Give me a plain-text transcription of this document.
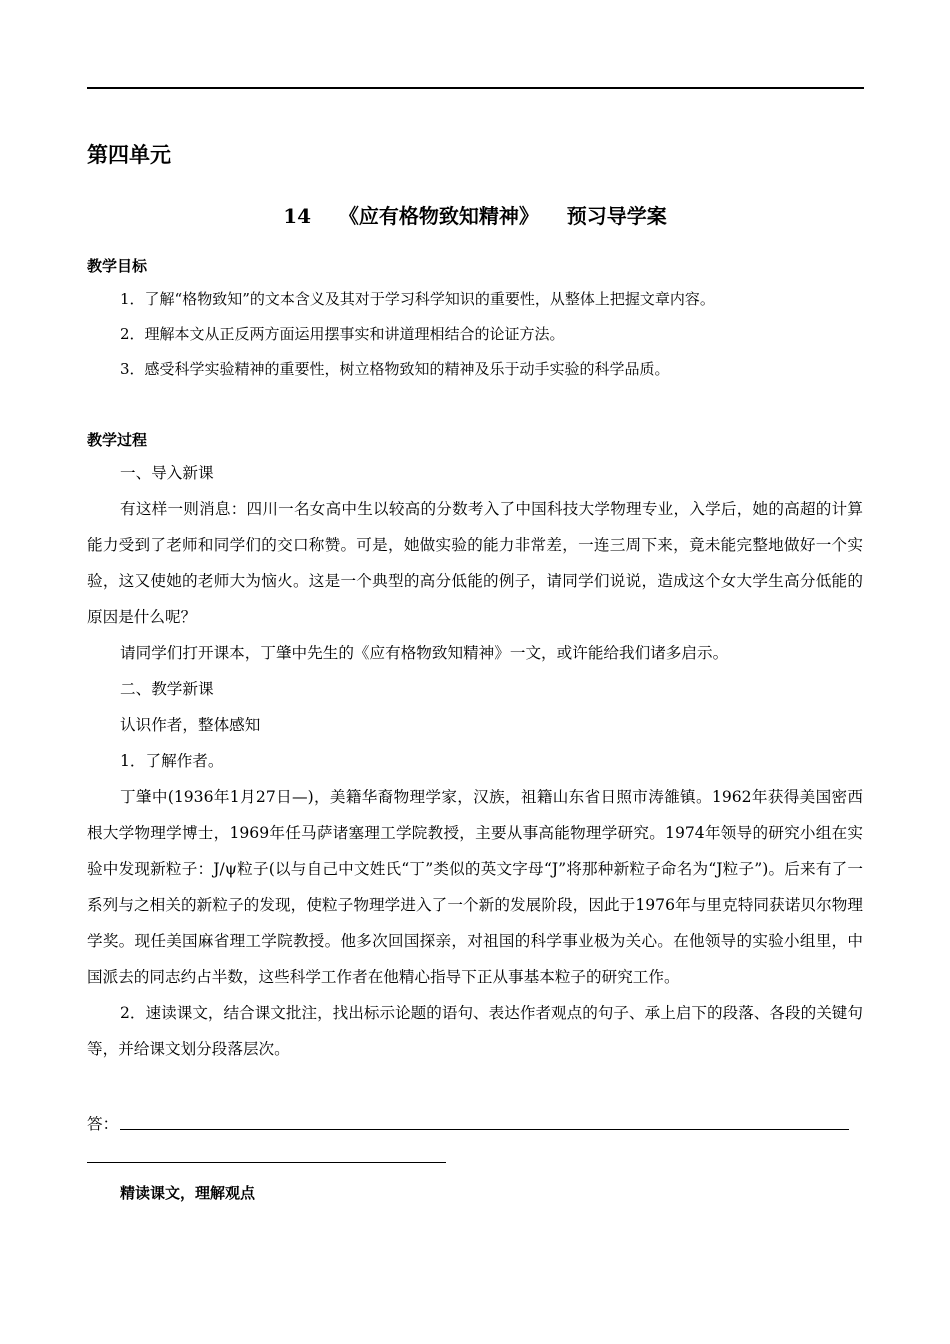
第四单元
14 《应有格物致知精神》 预习导学案
教学目标
1．了解“格物致知”的文本含义及其对于学习科学知识的重要性，从整体上把握文章内容。
2．理解本文从正反两方面运用摆事实和讲道理相结合的论证方法。
3．感受科学实验精神的重要性，树立格物致知的精神及乐于动手实验的科学品质。
教学过程

一、导入新课

有这样一则消息：四川一名女高中生以较高的分数考入了中国科技大学物理专业，入学后，她的高超的计算能力受到了老师和同学们的交口称赞。可是，她做实验的能力非常差，一连三周下来，竟未能完整地做好一个实验，这又使她的老师大为恼火。这是一个典型的高分低能的例子，请同学们说说，造成这个女大学生高分低能的原因是什么呢？

请同学们打开课本，丁肇中先生的《应有格物致知精神》一文，或许能给我们诸多启示。

二、教学新课

认识作者，整体感知

1．了解作者。

丁肇中(1936年1月27日—)，美籍华裔物理学家，汉族，祖籍山东省日照市涛雒镇。1962年获得美国密西根大学物理学博士，1969年任马萨诸塞理工学院教授，主要从事高能物理学研究。1974年领导的研究小组在实验中发现新粒子：J/ψ粒子(以与自己中文姓氏“丁”类似的英文字母“J”将那种新粒子命名为“J粒子”)。后来有了一系列与之相关的新粒子的发现，使粒子物理学进入了一个新的发展阶段，因此于1976年与里克特同获诺贝尔物理学奖。现任美国麻省理工学院教授。他多次回国探亲，对祖国的科学事业极为关心。在他领导的实验小组里，中国派去的同志约占半数，这些科学工作者在他精心指导下正从事基本粒子的研究工作。

2．速读课文，结合课文批注，找出标示论题的语句、表达作者观点的句子、承上启下的段落、各段的关键句等，并给课文划分段落层次。

答：
精读课文，理解观点
